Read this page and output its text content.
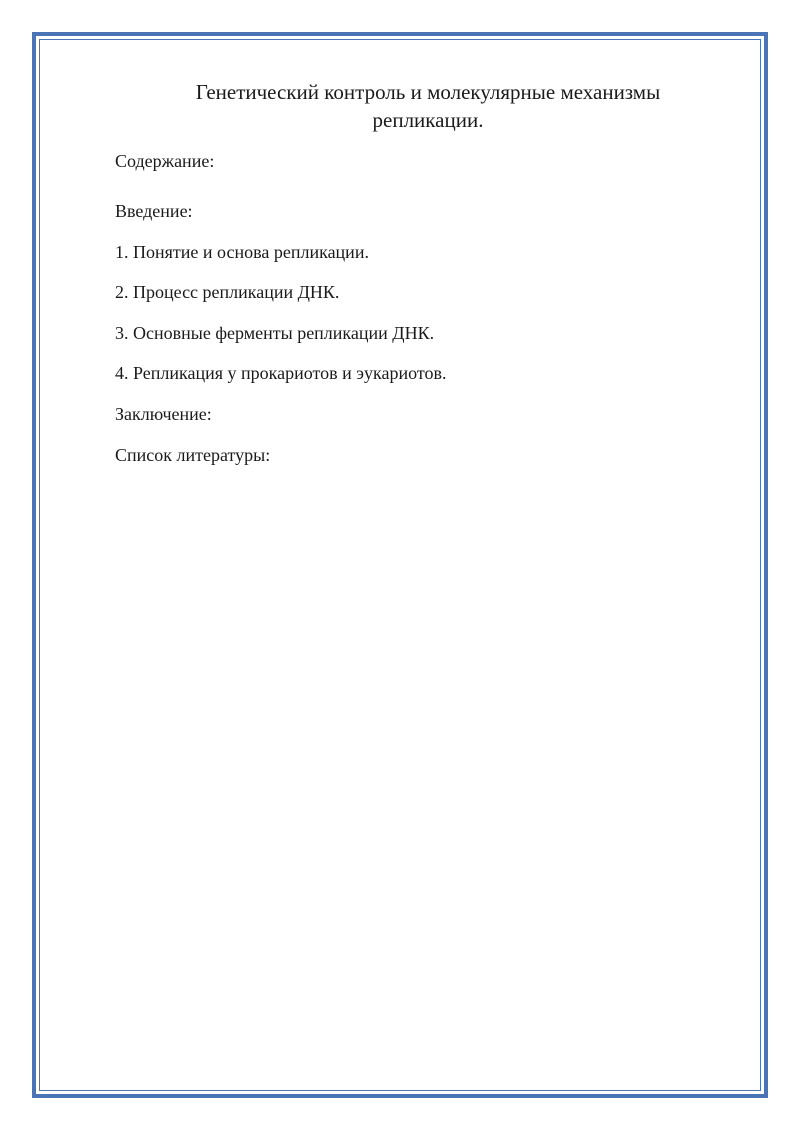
Генетический контроль и молекулярные механизмы
репликации.

Содержание:

Введение:
1. Понятие и основа репликации.
2. Процесс репликации ДНК.
3. Основные ферменты репликации ДНК.
4. Репликация у прокариотов и эукариотов.
Заключение:
Список литературы:
